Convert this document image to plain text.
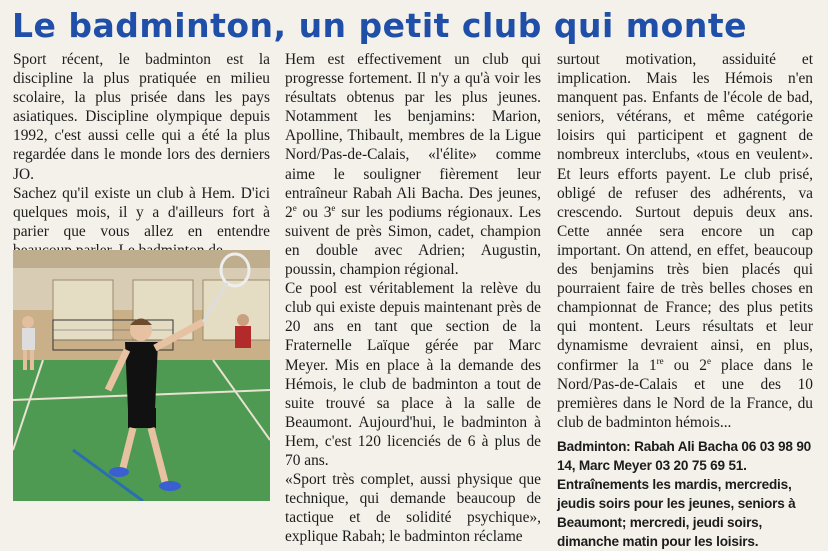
Le badminton, un petit club qui monte

Sport récent, le badminton est la discipline la plus pratiquée en milieu scolaire, la plus prisée dans les pays asiatiques. Discipline olympique depuis 1992, c'est aussi celle qui a été la plus regardée dans le monde lors des derniers JO.

Sachez qu'il existe un club à Hem. D'ici quelques mois, il y a d'ailleurs fort à parier que vous allez en entendre

Hem est effectivement un club qui progresse fortement. Il n'y a qu'à voir les résultats obtenus par les plus jeunes. Notamment les benjamins: Marion, Apolline, Thibault, membres de la Ligue Nord/Pas-de-Calais, «l'élite» comme aime le souligner fièrement leur entraîneur Rabah Ali Bacha. Des jeunes, 2e ou 3e sur les podiums régionaux. Les suivent de près Simon, cadet, champion en double avec Adrien; Augustin, poussin, champion régional.

Ce pool est véritablement la relève du club qui existe depuis maintenant près de 20 ans en tant que section de la Fraternelle Laïque gérée par Marc Meyer. Mis en place à la demande des Hémois, le club de badminton a tout de suite trouvé sa place à la salle de Beaumont. Aujourd'hui, le badminton à Hem, c'est 120 licenciés de 6 à plus de 70 ans.

«Sport très complet, aussi physique que technique, qui demande beaucoup de tactique et de solidité psychique», explique Rabah; le badminton réclame

surtout motivation, assiduité et implication. Mais les Hémois n'en manquent pas. Enfants de l'école de bad, seniors, vétérans, et même catégorie loisirs qui participent et gagnent de nombreux interclubs, «tous en veulent». Et leurs efforts payent. Le club prisé, obligé de refuser des adhérents, va crescendo. Surtout depuis deux ans. Cette année sera encore un cap important. On attend, en effet, beaucoup des benjamins très bien placés qui pourraient faire de très belles choses en championnat de France; des plus petits qui montent. Leurs résultats et leur dynamisme devraient ainsi, en plus, confirmer la 1re ou 2e place dans le Nord/Pas-de-Calais et une des 10 premières dans le Nord de la France, du club de badminton hémois...

Badminton: Rabah Ali Bacha 06 03 98 90 14, Marc Meyer 03 20 75 69 51. Entraînements les mardis, mercredis, jeudis soirs pour les jeunes, seniors à Beaumont; mercredi, jeudi soirs, dimanche matin pour les loisirs.
